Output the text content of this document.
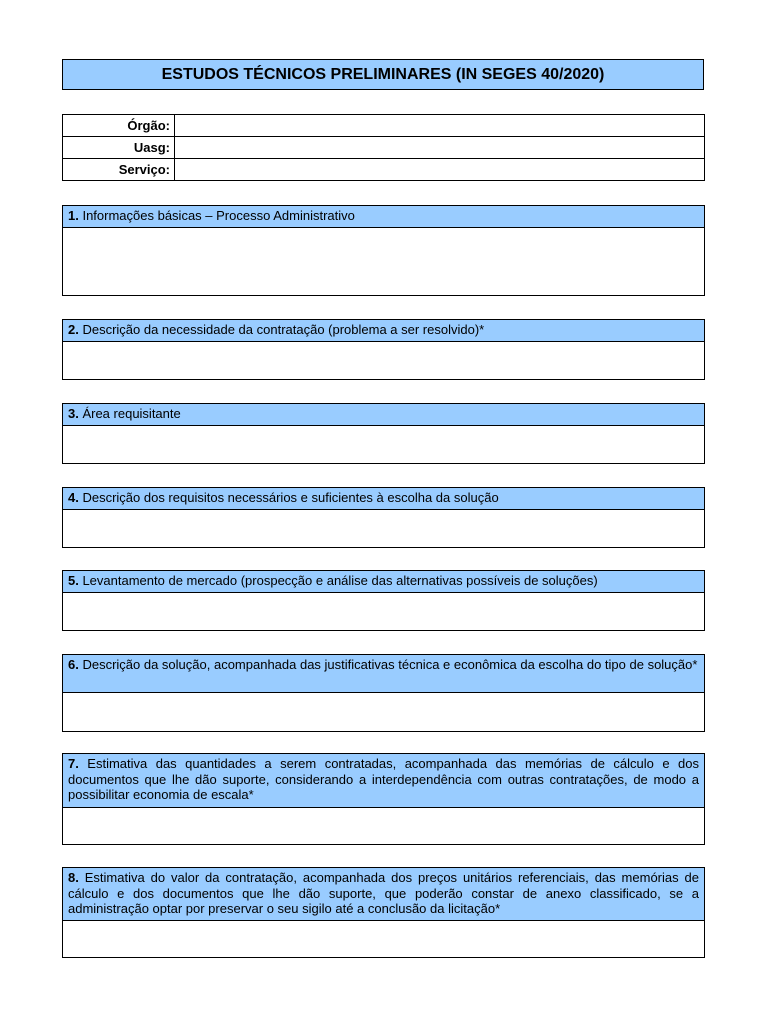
ESTUDOS TÉCNICOS PRELIMINARES (IN SEGES 40/2020)
Órgão:	
Uasg:	
Serviço:	
1. Informações básicas – Processo Administrativo
2. Descrição da necessidade da contratação (problema a ser resolvido)*
3. Área requisitante
4. Descrição dos requisitos necessários e suficientes à escolha da solução
5. Levantamento de mercado (prospecção e análise das alternativas possíveis de soluções)
6. Descrição da solução, acompanhada das justificativas técnica e econômica da escolha do tipo de solução*
7. Estimativa das quantidades a serem contratadas, acompanhada das memórias de cálculo e dos documentos que lhe dão suporte, considerando a interdependência com outras contratações, de modo a possibilitar economia de escala*
8. Estimativa do valor da contratação, acompanhada dos preços unitários referenciais, das memórias de cálculo e dos documentos que lhe dão suporte, que poderão constar de anexo classificado, se a administração optar por preservar o seu sigilo até a conclusão da licitação*
